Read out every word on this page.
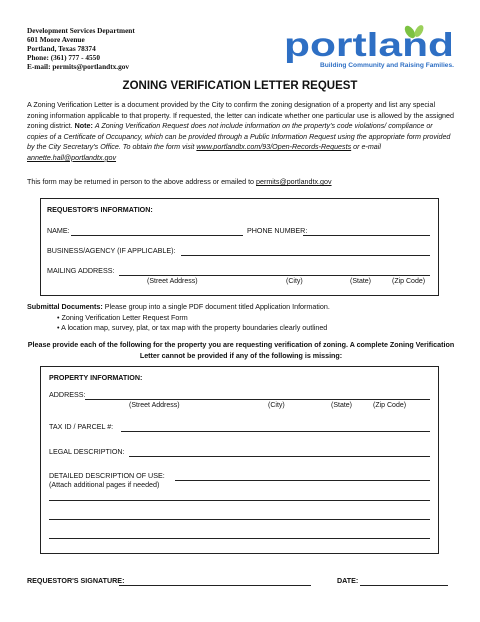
Development Services Department
601 Moore Avenue
Portland, Texas 78374
Phone: (361) 777 - 4550
E-mail: permits@portlandtx.gov
portland
Building Community and Raising Families.
ZONING VERIFICATION LETTER REQUEST
A Zoning Verification Letter is a document provided by the City to confirm the zoning designation of a property and list any special zoning information applicable to that property. If requested, the letter can indicate whether one particular use is allowed by the assigned zoning district. Note: A Zoning Verification Request does not include information on the property's code violations/ compliance or copies of a Certificate of Occupancy, which can be provided through a Public Information Request using the appropriate form provided by the City Secretary's Office. To obtain the form visit www.portlandtx.com/93/Open-Records-Requests or e-mail annette.hall@portlandtx.gov
This form may be returned in person to the above address or emailed to permits@portlandtx.gov
REQUESTOR'S INFORMATION:
NAME:	PHONE NUMBER:
BUSINESS/AGENCY (IF APPLICABLE):
MAILING ADDRESS:
(Street Address)	(City)	(State)	(Zip Code)
Submittal Documents: Please group into a single PDF document titled Application Information.
• Zoning Verification Letter Request Form
• A location map, survey, plat, or tax map with the property boundaries clearly outlined
Please provide each of the following for the property you are requesting verification of zoning. A complete Zoning Verification Letter cannot be provided if any of the following is missing:
PROPERTY INFORMATION:
ADDRESS:
(Street Address)	(City)	(State)	(Zip Code)
TAX ID / PARCEL #:
LEGAL DESCRIPTION:
DETAILED DESCRIPTION OF USE:
(Attach additional pages if needed)
REQUESTOR'S SIGNATURE:	DATE:
